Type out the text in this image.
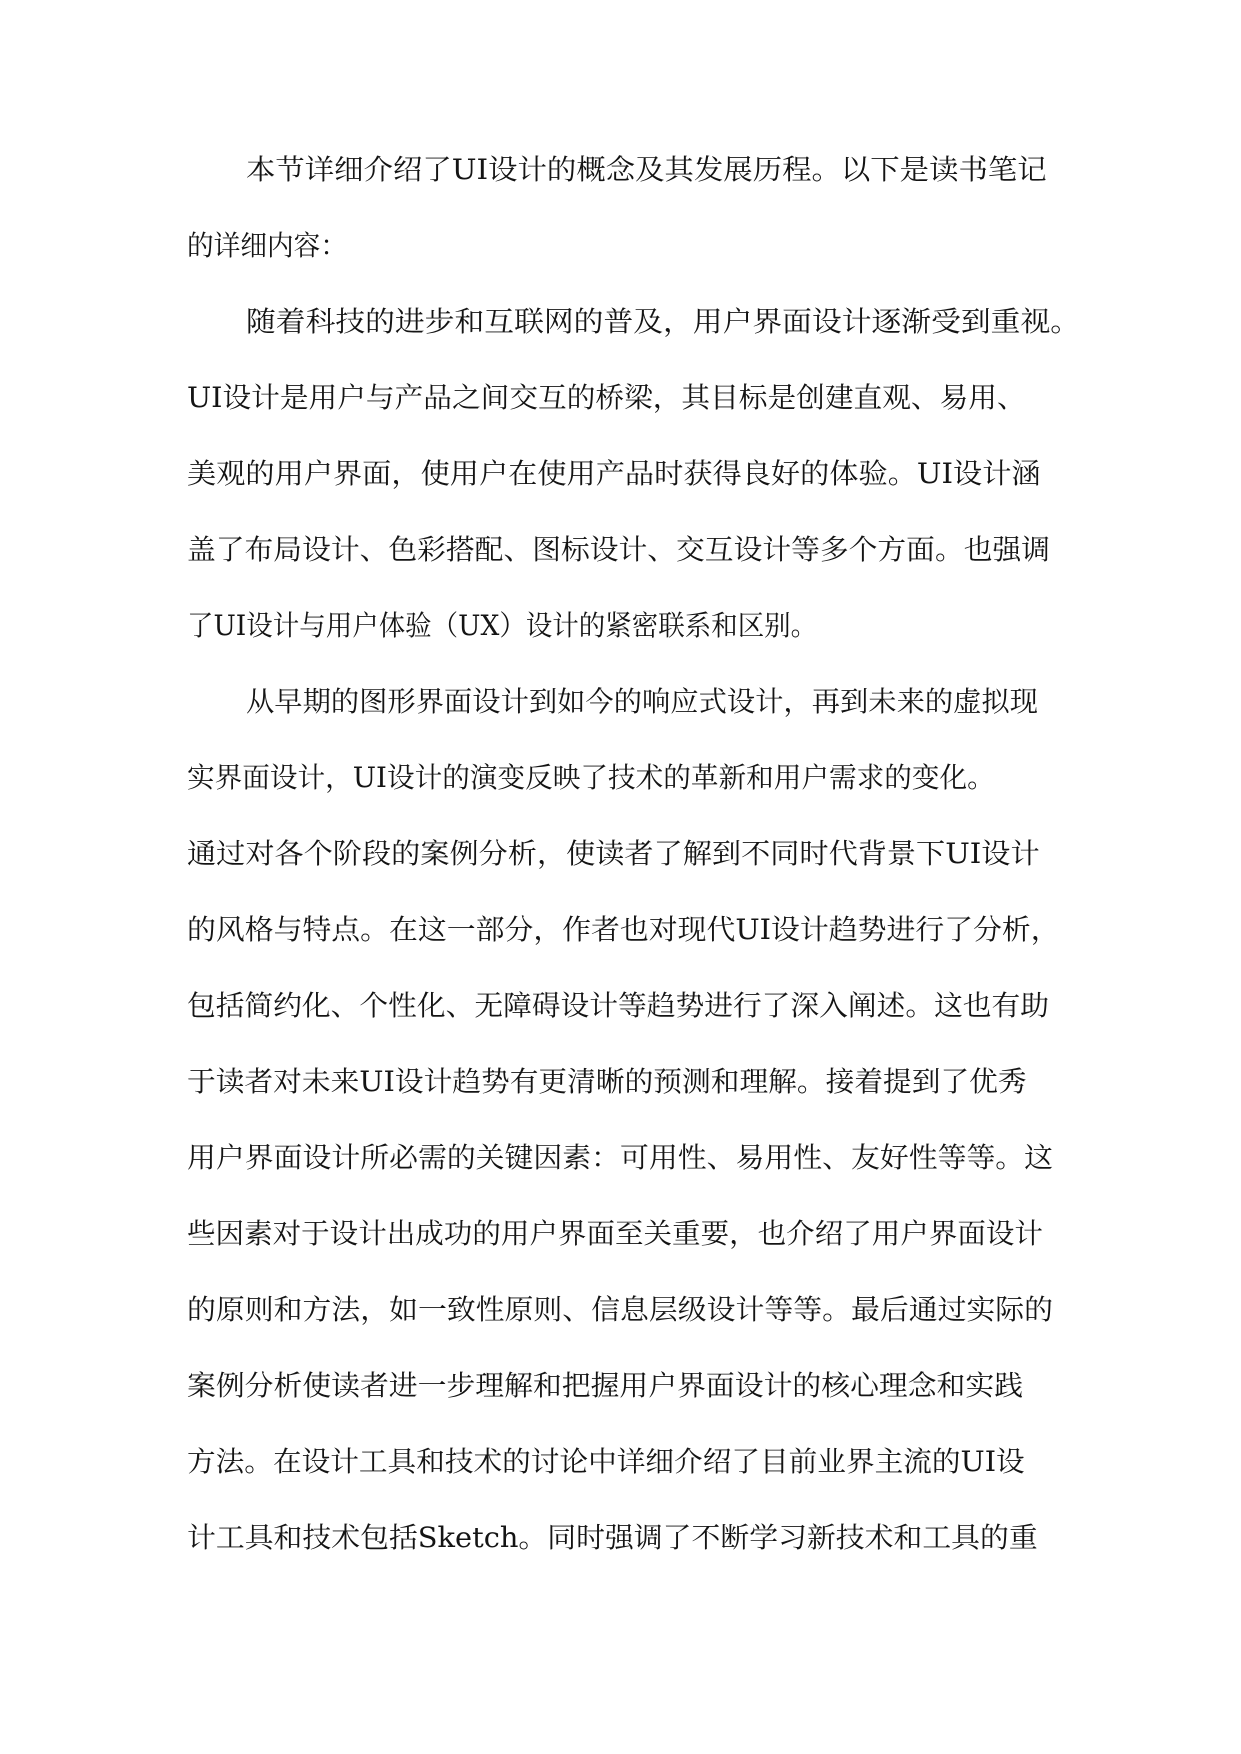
本节详细介绍了UI设计的概念及其发展历程。以下是读书笔记

的详细内容：

随着科技的进步和互联网的普及，用户界面设计逐渐受到重视。

UI设计是用户与产品之间交互的桥梁，其目标是创建直观、易用、

美观的用户界面，使用户在使用产品时获得良好的体验。UI设计涵

盖了布局设计、色彩搭配、图标设计、交互设计等多个方面。也强调

了UI设计与用户体验（UX）设计的紧密联系和区别。

从早期的图形界面设计到如今的响应式设计，再到未来的虚拟现

实界面设计，UI设计的演变反映了技术的革新和用户需求的变化。

通过对各个阶段的案例分析，使读者了解到不同时代背景下UI设计

的风格与特点。在这一部分，作者也对现代UI设计趋势进行了分析，

包括简约化、个性化、无障碍设计等趋势进行了深入阐述。这也有助

于读者对未来UI设计趋势有更清晰的预测和理解。接着提到了优秀

用户界面设计所必需的关键因素：可用性、易用性、友好性等等。这

些因素对于设计出成功的用户界面至关重要，也介绍了用户界面设计

的原则和方法，如一致性原则、信息层级设计等等。最后通过实际的

案例分析使读者进一步理解和把握用户界面设计的核心理念和实践

方法。在设计工具和技术的讨论中详细介绍了目前业界主流的UI设

计工具和技术包括Sketch。同时强调了不断学习新技术和工具的重
